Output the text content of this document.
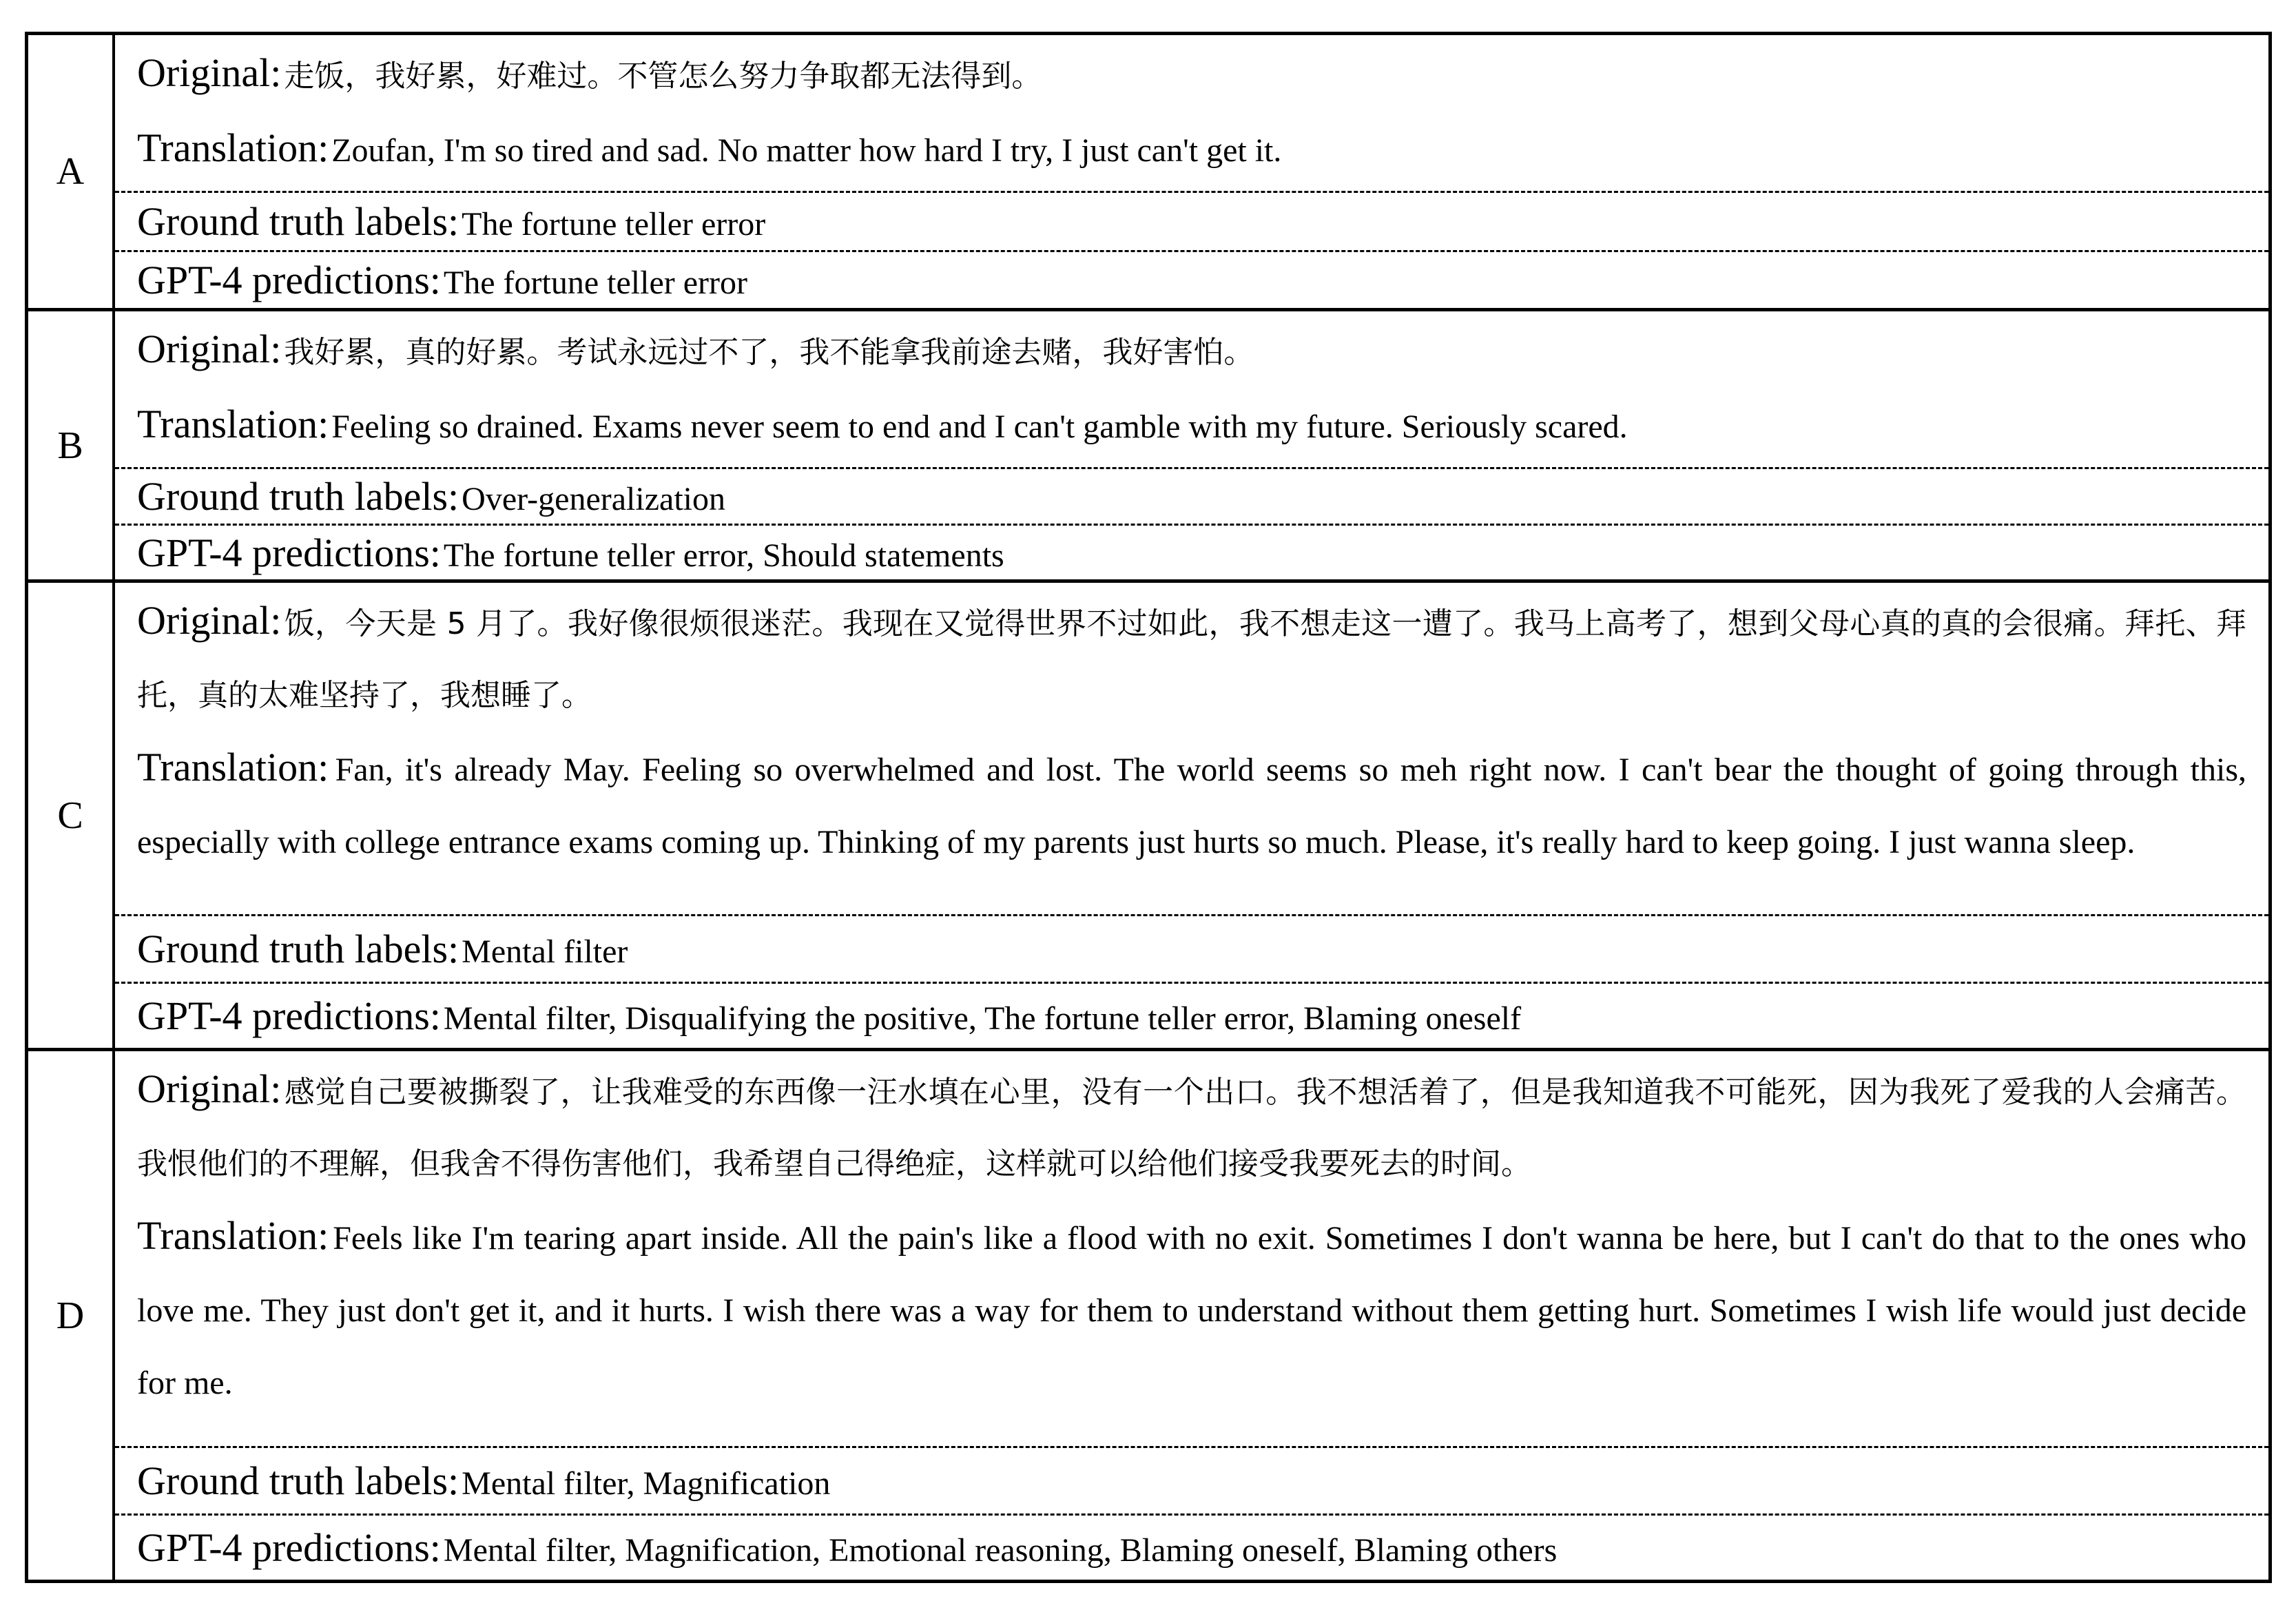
A

Original: 走饭，我好累，好难过。不管怎么努力争取都无法得到。

Translation: Zoufan, I'm so tired and sad. No matter how hard I try, I just can't get it.

Ground truth labels: The fortune teller error
GPT-4 predictions: The fortune teller error
B

Original: 我好累，真的好累。考试永远过不了，我不能拿我前途去赌，我好害怕。

Translation: Feeling so drained. Exams never seem to end and I can't gamble with my future. Seriously scared.

Ground truth labels: Over-generalization
GPT-4 predictions: The fortune teller error, Should statements
C

Original: 饭，今天是 5 月了。我好像很烦很迷茫。我现在又觉得世界不过如此，我不想走这一遭了。我马上高考了，想到父母心真的真的会很痛。拜托、拜托，真的太难坚持了，我想睡了。

Translation: Fan, it's already May. Feeling so overwhelmed and lost. The world seems so meh right now. I can't bear the thought of going through this, especially with college entrance exams coming up. Thinking of my parents just hurts so much. Please, it's really hard to keep going. I just wanna sleep.

Ground truth labels: Mental filter
GPT-4 predictions: Mental filter, Disqualifying the positive, The fortune teller error, Blaming oneself
D

Original: 感觉自己要被撕裂了，让我难受的东西像一汪水填在心里，没有一个出口。我不想活着了，但是我知道我不可能死，因为我死了爱我的人会痛苦。我恨他们的不理解，但我舍不得伤害他们，我希望自己得绝症，这样就可以给他们接受我要死去的时间。

Translation: Feels like I'm tearing apart inside. All the pain's like a flood with no exit. Sometimes I don't wanna be here, but I can't do that to the ones who love me. They just don't get it, and it hurts. I wish there was a way for them to understand without them getting hurt. Sometimes I wish life would just decide for me.

Ground truth labels: Mental filter, Magnification
GPT-4 predictions: Mental filter, Magnification, Emotional reasoning, Blaming oneself, Blaming others
